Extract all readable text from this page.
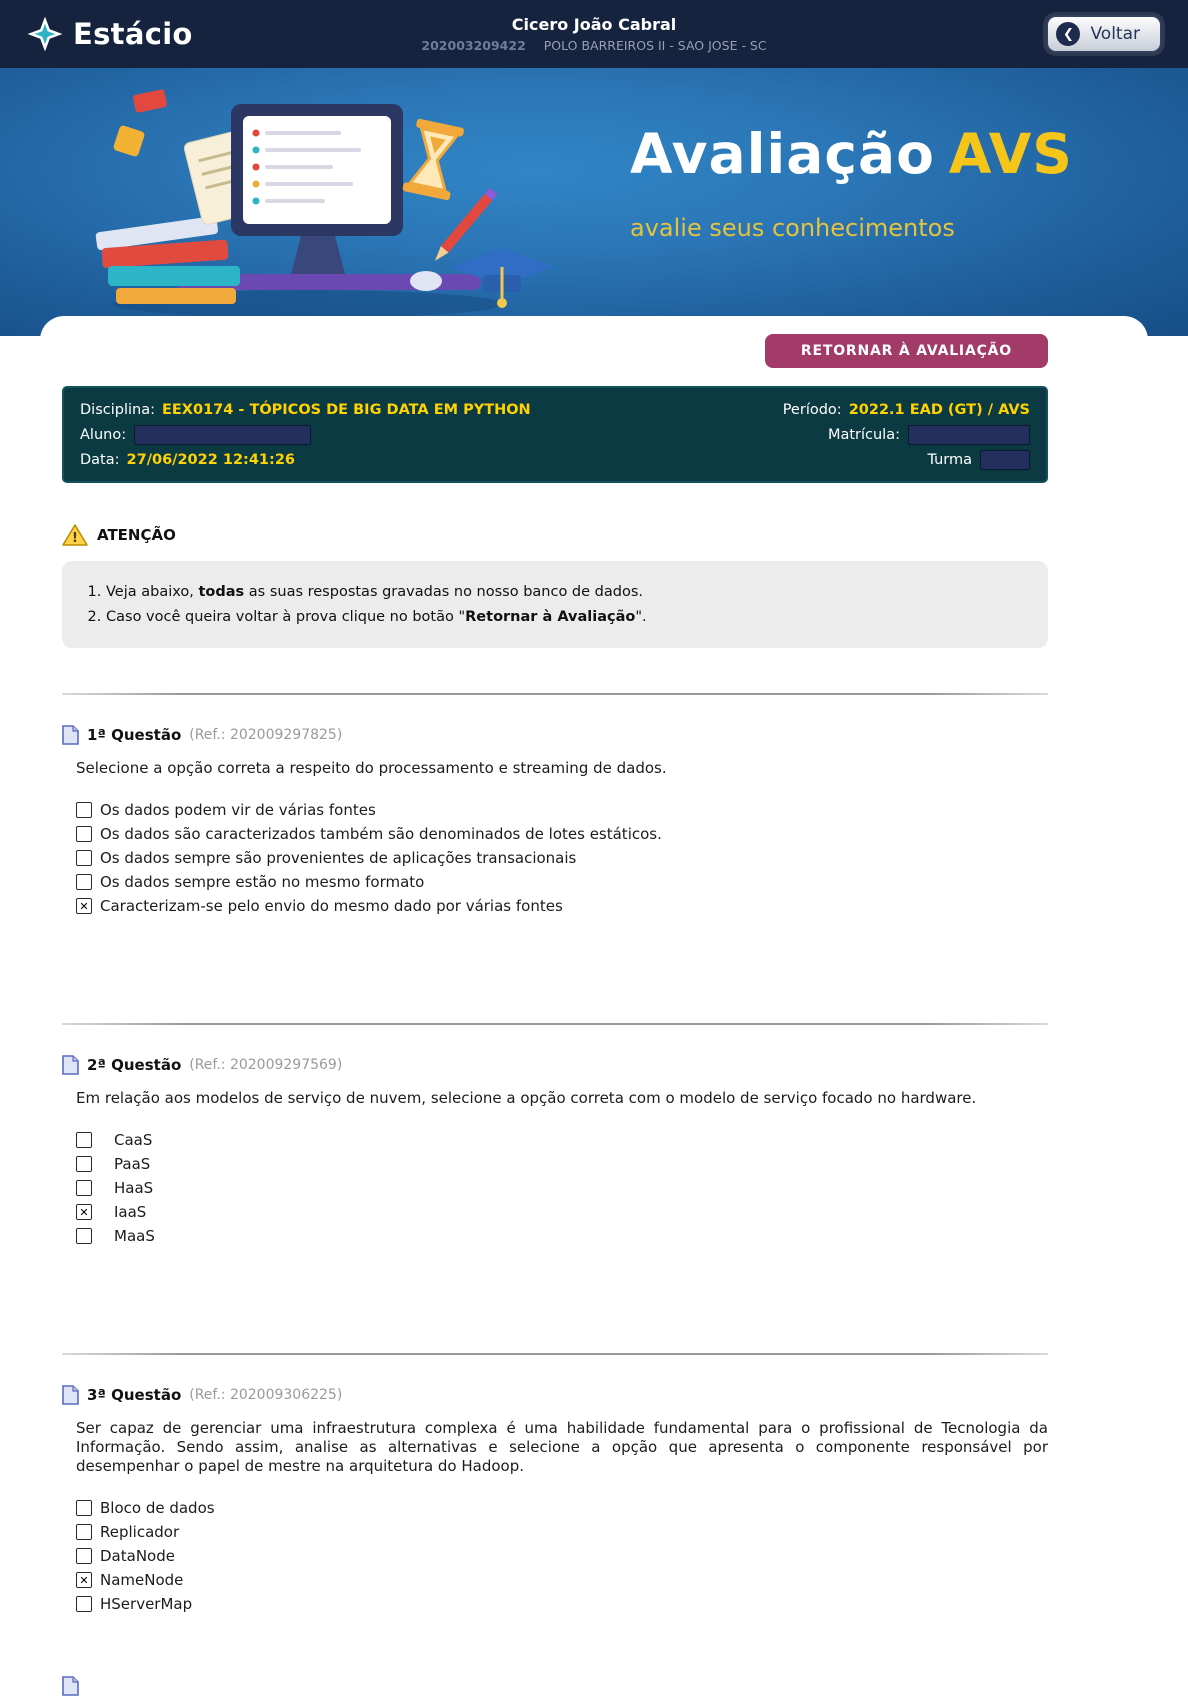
Estácio	Cicero João Cabral
202003209422 POLO BARREIROS II - SAO JOSE - SC
❮ Voltar
Avaliação AVS
avalie seus conhecimentos
RETORNAR À AVALIAÇÃO
Disciplina: EEX0174 - TÓPICOS DE BIG DATA EM PYTHON	Período: 2022.1 EAD (GT) / AVS
Aluno:	Matrícula:
Data: 27/06/2022 12:41:26	Turma
! ATENÇÃO
1. Veja abaixo, todas as suas respostas gravadas no nosso banco de dados.
2. Caso você queira voltar à prova clique no botão "Retornar à Avaliação".
1ª Questão (Ref.: 202009297825)

Selecione a opção correta a respeito do processamento e streaming de dados.

Os dados podem vir de várias fontes
Os dados são caracterizados também são denominados de lotes estáticos.
Os dados sempre são provenientes de aplicações transacionais
Os dados sempre estão no mesmo formato
✕ Caracterizam-se pelo envio do mesmo dado por várias fontes
2ª Questão (Ref.: 202009297569)

Em relação aos modelos de serviço de nuvem, selecione a opção correta com o modelo de serviço focado no hardware.

CaaS
PaaS
HaaS
✕ IaaS
MaaS
3ª Questão (Ref.: 202009306225)

Ser capaz de gerenciar uma infraestrutura complexa é uma habilidade fundamental para o profissional de Tecnologia da Informação. Sendo assim, analise as alternativas e selecione a opção que apresenta o componente responsável por desempenhar o papel de mestre na arquitetura do Hadoop.

Bloco de dados
Replicador
DataNode
✕ NameNode
HServerMap
